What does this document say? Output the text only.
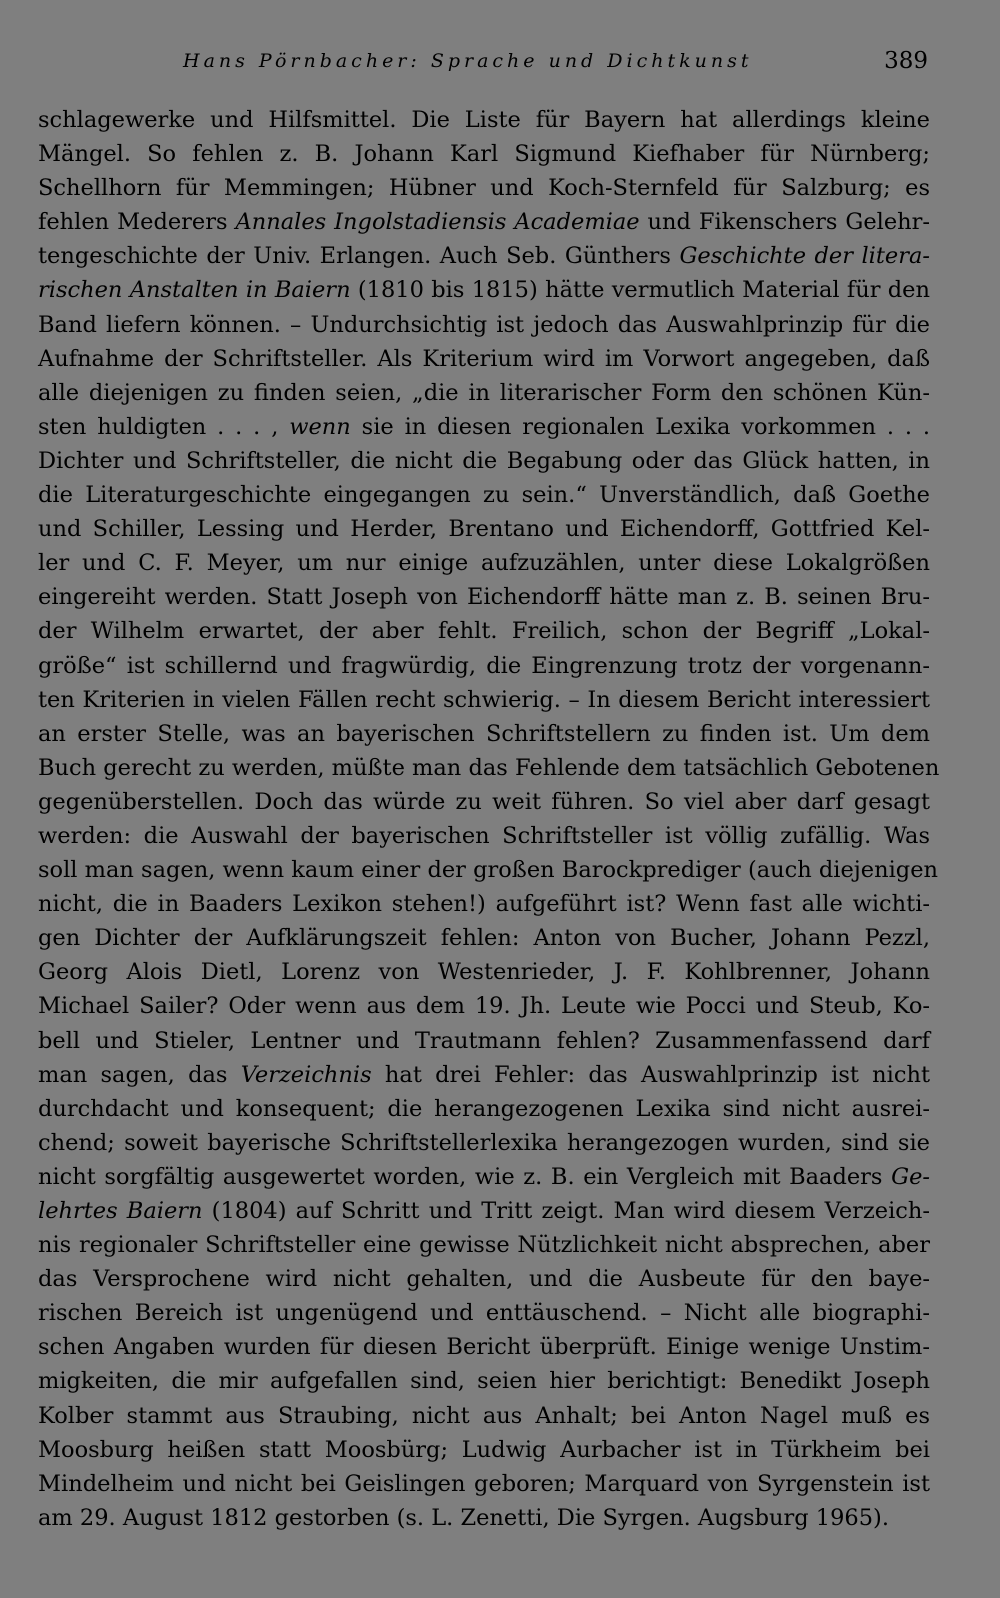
Hans Pörnbacher: Sprache und Dichtkunst	389
schlagewerke und Hilfsmittel. Die Liste für Bayern hat allerdings kleine
Mängel. So fehlen z. B. Johann Karl Sigmund Kiefhaber für Nürnberg;
Schellhorn für Memmingen; Hübner und Koch-Sternfeld für Salzburg; es
fehlen Mederers Annales Ingolstadiensis Academiae und Fikenschers Gelehr-
tengeschichte der Univ. Erlangen. Auch Seb. Günthers Geschichte der litera-
rischen Anstalten in Baiern (1810 bis 1815) hätte vermutlich Material für den
Band liefern können. – Undurchsichtig ist jedoch das Auswahlprinzip für die
Aufnahme der Schriftsteller. Als Kriterium wird im Vorwort angegeben, daß
alle diejenigen zu finden seien, „die in literarischer Form den schönen Kün-
sten huldigten . . . , wenn sie in diesen regionalen Lexika vorkommen . . .
Dichter und Schriftsteller, die nicht die Begabung oder das Glück hatten, in
die Literaturgeschichte eingegangen zu sein.“ Unverständlich, daß Goethe
und Schiller, Lessing und Herder, Brentano und Eichendorff, Gottfried Kel-
ler und C. F. Meyer, um nur einige aufzuzählen, unter diese Lokalgrößen
eingereiht werden. Statt Joseph von Eichendorff hätte man z. B. seinen Bru-
der Wilhelm erwartet, der aber fehlt. Freilich, schon der Begriff „Lokal-
größe“ ist schillernd und fragwürdig, die Eingrenzung trotz der vorgenann-
ten Kriterien in vielen Fällen recht schwierig. – In diesem Bericht interessiert
an erster Stelle, was an bayerischen Schriftstellern zu finden ist. Um dem
Buch gerecht zu werden, müßte man das Fehlende dem tatsächlich Gebotenen
gegenüberstellen. Doch das würde zu weit führen. So viel aber darf gesagt
werden: die Auswahl der bayerischen Schriftsteller ist völlig zufällig. Was
soll man sagen, wenn kaum einer der großen Barockprediger (auch diejenigen
nicht, die in Baaders Lexikon stehen!) aufgeführt ist? Wenn fast alle wichti-
gen Dichter der Aufklärungszeit fehlen: Anton von Bucher, Johann Pezzl,
Georg Alois Dietl, Lorenz von Westenrieder, J. F. Kohlbrenner, Johann
Michael Sailer? Oder wenn aus dem 19. Jh. Leute wie Pocci und Steub, Ko-
bell und Stieler, Lentner und Trautmann fehlen? Zusammenfassend darf
man sagen, das Verzeichnis hat drei Fehler: das Auswahlprinzip ist nicht
durchdacht und konsequent; die herangezogenen Lexika sind nicht ausrei-
chend; soweit bayerische Schriftstellerlexika herangezogen wurden, sind sie
nicht sorgfältig ausgewertet worden, wie z. B. ein Vergleich mit Baaders Ge-
lehrtes Baiern (1804) auf Schritt und Tritt zeigt. Man wird diesem Verzeich-
nis regionaler Schriftsteller eine gewisse Nützlichkeit nicht absprechen, aber
das Versprochene wird nicht gehalten, und die Ausbeute für den baye-
rischen Bereich ist ungenügend und enttäuschend. – Nicht alle biographi-
schen Angaben wurden für diesen Bericht überprüft. Einige wenige Unstim-
migkeiten, die mir aufgefallen sind, seien hier berichtigt: Benedikt Joseph
Kolber stammt aus Straubing, nicht aus Anhalt; bei Anton Nagel muß es
Moosburg heißen statt Moosbürg; Ludwig Aurbacher ist in Türkheim bei
Mindelheim und nicht bei Geislingen geboren; Marquard von Syrgenstein ist
am 29. August 1812 gestorben (s. L. Zenetti, Die Syrgen. Augsburg 1965).
